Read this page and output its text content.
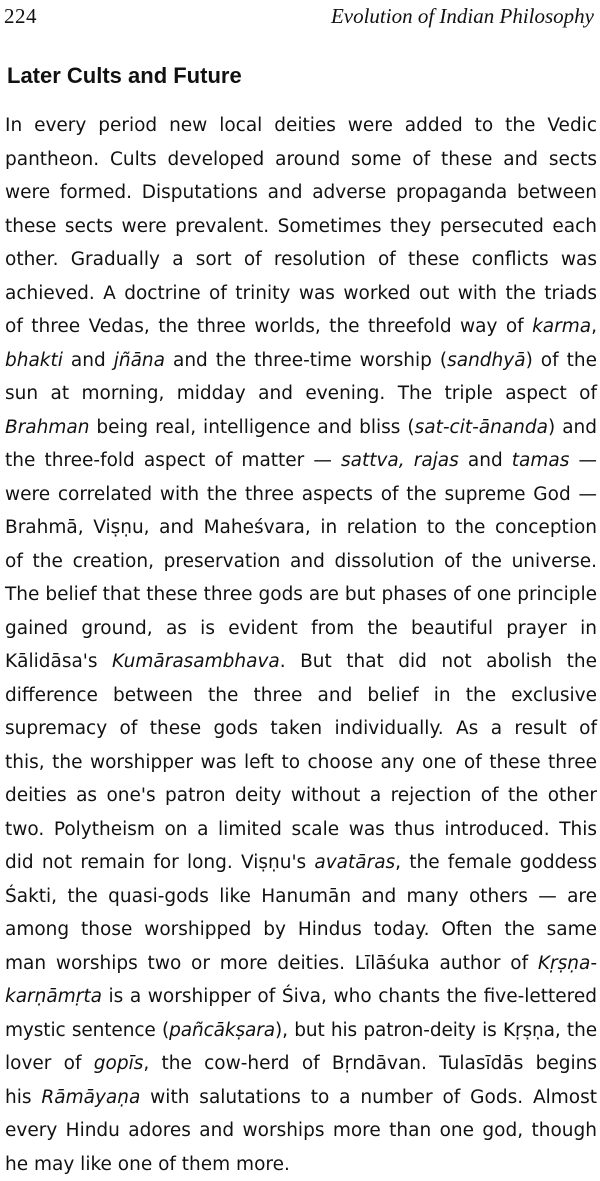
224	Evolution of Indian Philosophy
Later Cults and Future
In every period new local deities were added to the Vedic
pantheon. Cults developed around some of these and sects
were formed. Disputations and adverse propaganda between
these sects were prevalent. Sometimes they persecuted each
other. Gradually a sort of resolution of these conflicts was
achieved. A doctrine of trinity was worked out with the triads
of three Vedas, the three worlds, the threefold way of karma,
bhakti and jñāna and the three-time worship (sandhyā) of the
sun at morning, midday and evening. The triple aspect of
Brahman being real, intelligence and bliss (sat-cit-ānanda) and
the three-fold aspect of matter — sattva, rajas and tamas —
were correlated with the three aspects of the supreme God —
Brahmā, Viṣṇu, and Maheśvara, in relation to the conception
of the creation, preservation and dissolution of the universe.
The belief that these three gods are but phases of one principle
gained ground, as is evident from the beautiful prayer in
Kālidāsa's Kumārasambhava. But that did not abolish the
difference between the three and belief in the exclusive
supremacy of these gods taken individually. As a result of
this, the worshipper was left to choose any one of these three
deities as one's patron deity without a rejection of the other
two. Polytheism on a limited scale was thus introduced. This
did not remain for long. Viṣṇu's avatāras, the female goddess
Śakti, the quasi-gods like Hanumān and many others — are
among those worshipped by Hindus today. Often the same
man worships two or more deities. Līlāśuka author of Kṛṣṇa-
karṇāmṛta is a worshipper of Śiva, who chants the five-lettered
mystic sentence (pañcākṣara), but his patron-deity is Kṛṣṇa, the
lover of gopīs, the cow-herd of Bṛndāvan. Tulasīdās begins
his Rāmāyaṇa with salutations to a number of Gods. Almost
every Hindu adores and worships more than one god, though
he may like one of them more.
